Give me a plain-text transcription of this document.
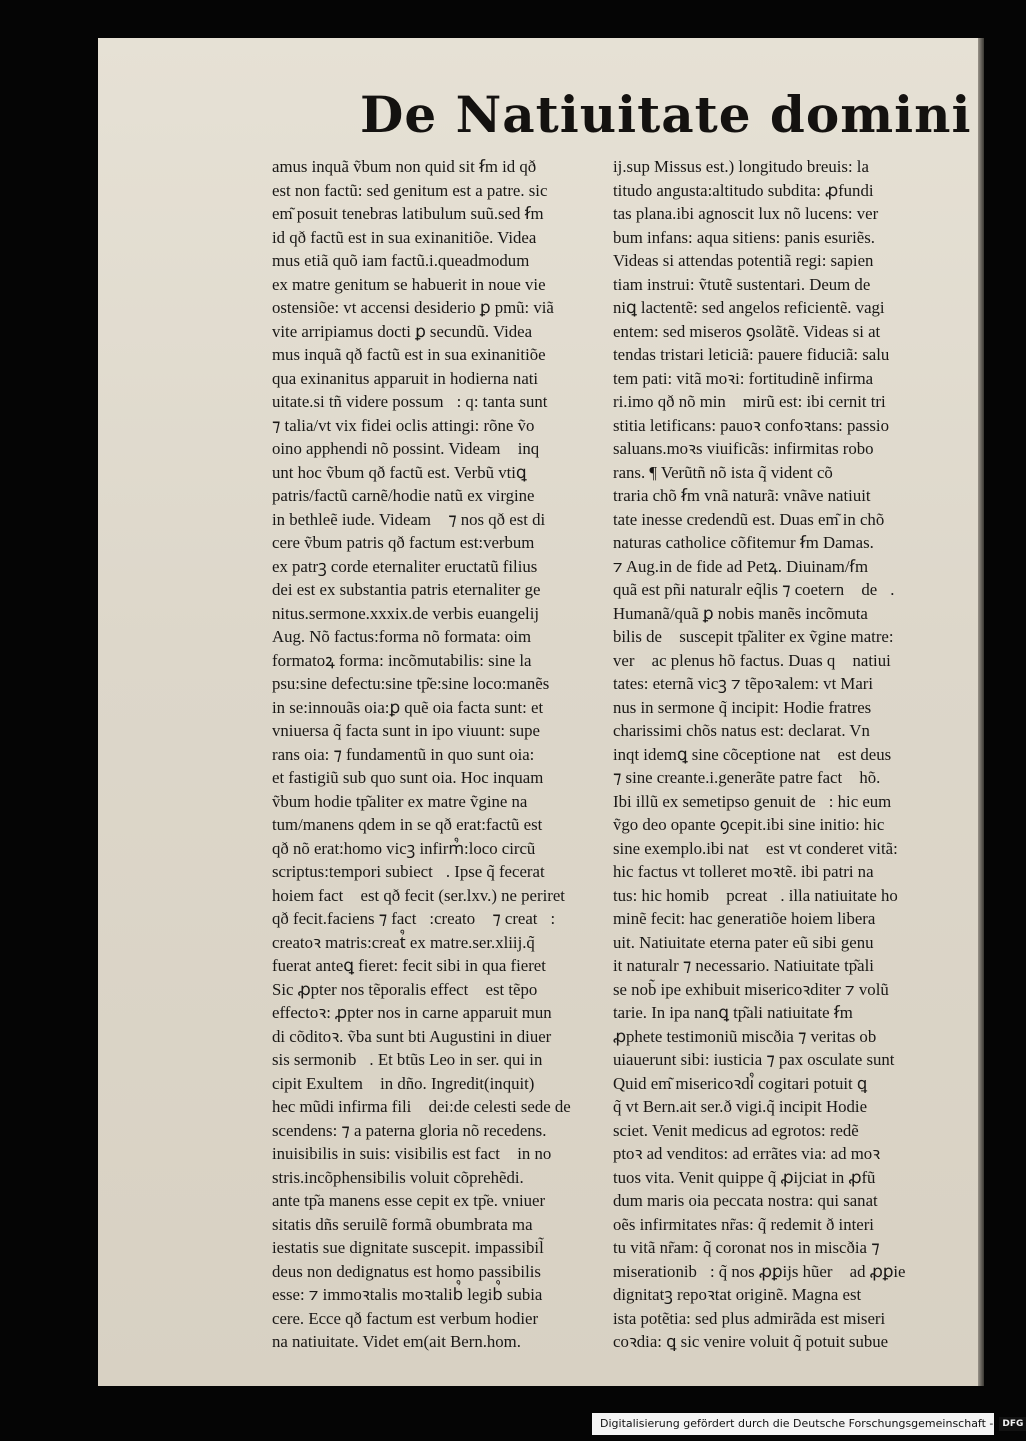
De Natiuitate domini
amus inquã ṽbum non quid sit ẜm id qð
est non factũ: sed genitum est a patre. sic
em͂ posuit tenebras latibulum suũ.sed ẜm
id qð factũ est in sua exinanitiõe. Videa
mus etiã quõ iam factũ.i.queadmodum
ex matre genitum se habuerit in noue vie
ostensiõe: vt accensi desiderio ꝑ pmũ: viã
vite arripiamus docti ꝑ secundũ. Videa
mus inquã qð factũ est in sua exinanitiõe
qua exinanitus apparuit in hodierna nati
uitate.si tñ videre possum᷒: q: tanta sunt
⁊ talia/vt vix fidei oclis attingi: rõne ṽo
oino apphendi nõ possint. Videam᷒ inq
unt hoc ṽbum qð factũ est. Verbũ vtiꝗ
patris/factũ carnẽ/hodie natũ ex virgine
in bethleẽ iude. Videam᷒ ⁊ nos qð est di
cere ṽbum patris qð factum est:verbum
ex patrꝫ corde eternaliter eructatũ filius
dei est ex substantia patris eternaliter ge
nitus.sermone.xxxix.de verbis euangelij
Aug. Nõ factus:forma nõ formata: oim
formatoꝝ forma: incõmutabilis: sine la
psu:sine defectu:sine tp͂e:sine loco:manẽs
in se:innouãs oia:ꝑ quẽ oia facta sunt: et
vniuersa q̃ facta sunt in ipo viuunt: supe
rans oia: ⁊ fundamentũ in quo sunt oia:
et fastigiũ sub quo sunt oia. Hoc inquam
ṽbum hodie tp͂aliter ex matre ṽgine na
tum/manens qdem in se qð erat:factũ est
qð nõ erat:homo vicꝫ infirm᷒:loco circũ
scriptus:tempori subiect᷒. Ipse q̃ fecerat
hoiem fact᷒ est qð fecit (ser.lxv.) ne periret
qð fecit.faciens ⁊ fact᷒:creatoꝛ ⁊ creat᷒:
creatoꝛ matris:creat᷒ ex matre.ser.xliij.q̃
fuerat anteꝗ fieret: fecit sibi in qua fieret
Sic ꝓpter nos tẽporalis effect᷒ est tẽpoꝝ
effectoꝛ: ꝓpter nos in carne apparuit mun
di cõditoꝛ. ṽba sunt bti Augustini in diuer
sis sermonib᷒. Et btũs Leo in ser. qui in
cipit Exultem᷒ in dño. Ingredit(inquit)
hec mũdi infirma fili᷒ dei:de celesti sede de
scendens: ⁊ a paterna gloria nõ recedens.
inuisibilis in suis: visibilis est fact᷒ in no
stris.incõphensibilis voluit cõprehẽdi.
ante tp͂a manens esse cepit ex tp͂e. vniuer
sitatis dñs seruilẽ formã obumbrata ma
iestatis sue dignitate suscepit. impassibil̃
deus non dedignatus est homo passibilis
esse: ⁊ immoꝛtalis moꝛtalib᷒ legib᷒ subia
cere. Ecce qð factum est verbum hodier
na natiuitate. Videt em(ait Bern.hom.
ij.sup Missus est.) longitudo breuis: la
titudo angusta:altitudo subdita: ꝓfundi
tas plana.ibi agnoscit lux nõ lucens: ver
bum infans: aqua sitiens: panis esuriẽs.
Videas si attendas potentiã regi: sapien
tiam instrui: ṽtutẽ sustentari. Deum de
niꝗ lactentẽ: sed angelos reficientẽ. vagi
entem: sed miseros ꝯsolãtẽ. Videas si at
tendas tristari leticiã: pauere fiduciã: salu
tem pati: vitã moꝛi: fortitudinẽ infirma
ri.imo qð nõ min᷒ mirũ est: ibi cernit tri
stitia letificans: pauoꝛ confoꝛtans: passio
saluans.moꝛs viuificãs: infirmitas robo
rans. ¶ Verũtñ nõ ista q̃ vident cõ
traria chõ ẜm vnã naturã: vnãve natiuit
tate inesse credendũ est. Duas em͂ in chõ
naturas catholice cõfitemur ẜm Damas.
⁊ Aug.in de fide ad Petꝝ. Diuinam/ẜm
quã est pñi naturalr eq̃lis ⁊ coetern᷒ de᷒.
Humanã/quã ꝑ nobis manẽs incõmuta
bilis de᷒ suscepit tp͂aliter ex ṽgine matre:
ver᷒ ac plenus hõ factus. Duas qꝫ natiui
tates: eternã vicꝫ ⁊ tẽpoꝛalem: vt Mari
nus in sermone q̃ incipit: Hodie fratres
charissimi chõs natus est: declarat. Vn᷒
inqt idemꝗ sine cõceptione nat᷒ est deus
⁊ sine creante.i.generãte patre fact᷒ hõ.
Ibi illũ ex semetipso genuit de᷒: hic eum
ṽgo deo opante ꝯcepit.ibi sine initio: hic
sine exemplo.ibi nat᷒ est vt conderet vitã:
hic factus vt tolleret moꝛtẽ. ibi patri na
tus: hic homib᷒ pcreat᷒. illa natiuitate ho
minẽ fecit: hac generatiõe hoiem libera
uit. Natiuitate eterna pater eũ sibi genu
it naturalr ⁊ necessario. Natiuitate tp͂ali
se nob̃ ipe exhibuit misericoꝛditer ⁊ volũ
tarie. In ipa nanꝗ tp͂ali natiuitate ẜm
ꝓphete testimoniũ miscðia ⁊ veritas ob
uiauerunt sibi: iusticia ⁊ pax osculate sunt
Quid em͂ misericoꝛdi᷒ cogitari potuit ꝗ
q̃ vt Bern.ait ser.ð vigi.q̃ incipit Hodie
sciet. Venit medicus ad egrotos: redẽ
ptoꝛ ad venditos: ad errãtes via: ad moꝛ
tuos vita. Venit quippe q̃ ꝓijciat in ꝓfũ
dum maris oia peccata nostra: qui sanat
oẽs infirmitates nr̃as: q̃ redemit ð interi
tu vitã nr̃am: q̃ coronat nos in miscðia ⁊
miserationib᷒: q̃ nos ꝓꝑijs hũerꝫ ad ꝓꝑie
dignitatꝫ repoꝛtat originẽ. Magna est
ista potẽtia: sed plus admirãda est miseri
coꝛdia: ꝗ sic venire voluit q̃ potuit subue
Digitalisierung gefördert durch die Deutsche Forschungsgemeinschaft -	DFG
